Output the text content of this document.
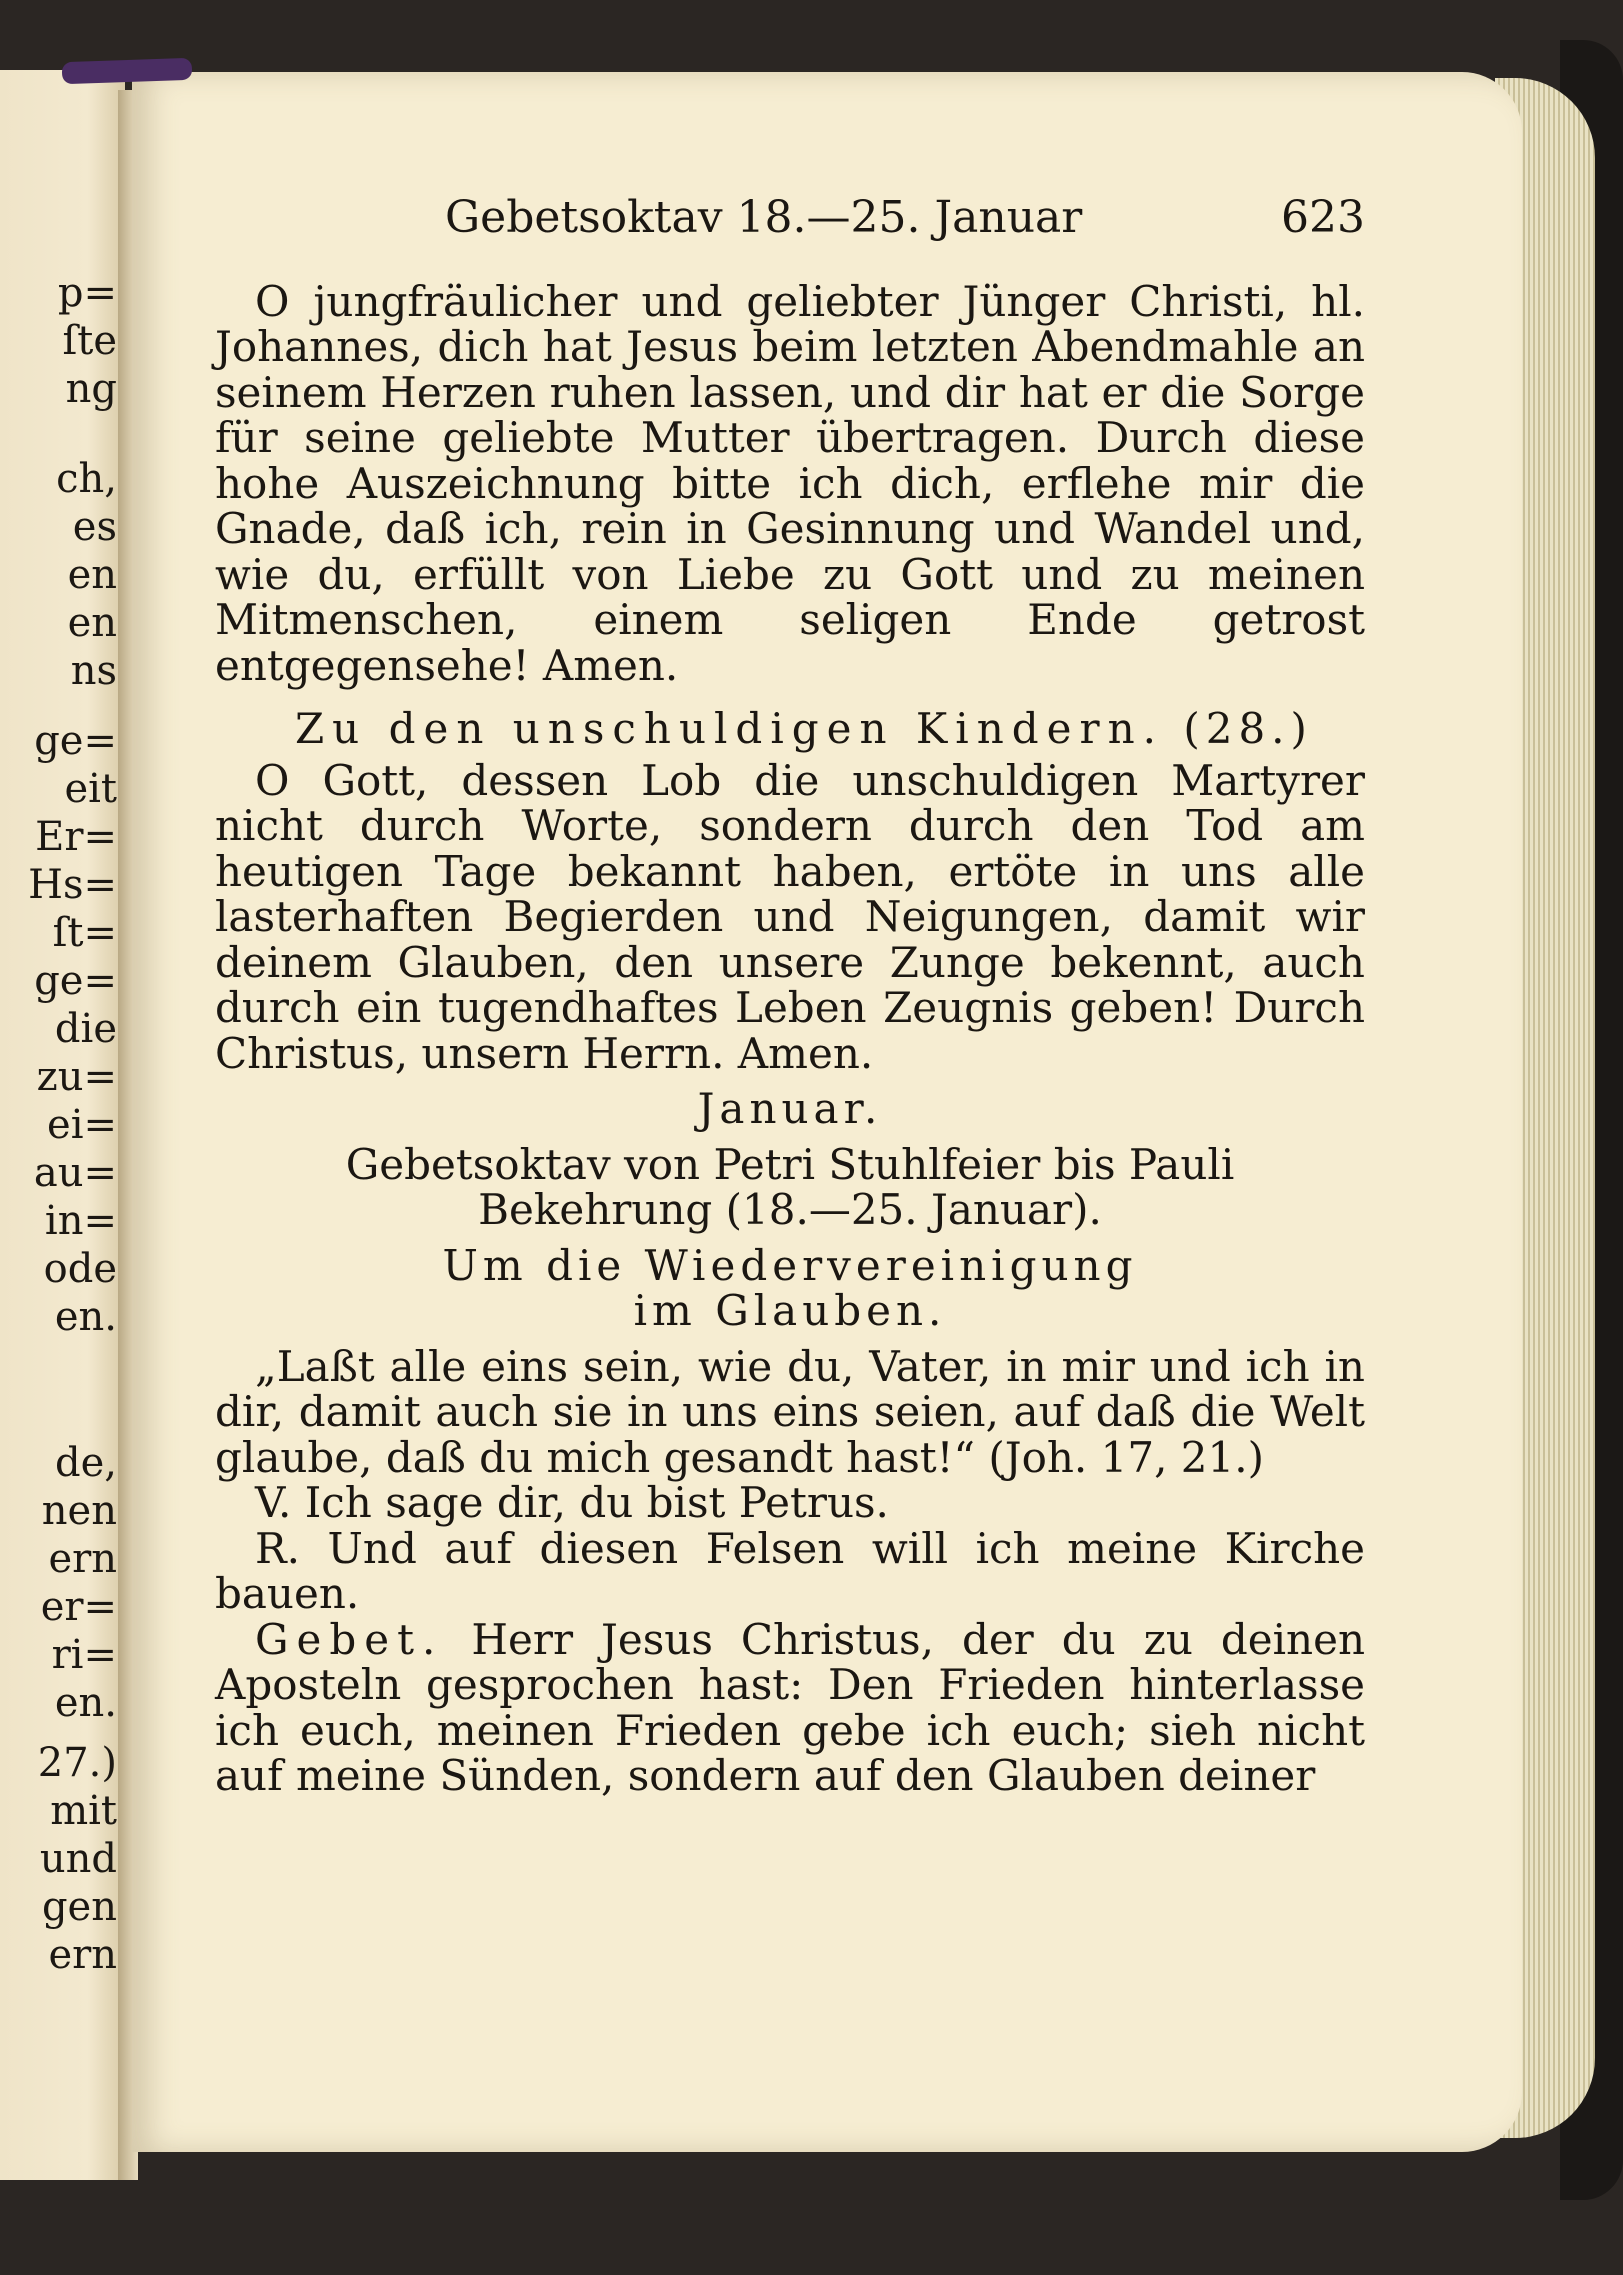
p=
ſte
ng
ch,
es
en
en
ns
ge=
eit
Er=
Hs=
ſt=
ge=
die
zu=
ei=
au=
in=
ode
en.
de,
nen
ern
er=
ri=
en.
27.)
mit
und
gen
ern
Gebetsoktav 18.—25. Januar	623

O jungfräulicher und geliebter Jünger Christi, hl. Johannes, dich hat Jesus beim letzten Abendmahle an seinem Herzen ruhen lassen, und dir hat er die Sorge für seine geliebte Mutter übertragen. Durch diese hohe Auszeichnung bitte ich dich, erflehe mir die Gnade, daß ich, rein in Gesinnung und Wandel und, wie du, erfüllt von Liebe zu Gott und zu meinen Mitmenschen, einem seligen Ende getrost entgegensehe! Amen.

Zu den unschuldigen Kindern. (28.)

O Gott, dessen Lob die unschuldigen Martyrer nicht durch Worte, sondern durch den Tod am heutigen Tage bekannt haben, ertöte in uns alle lasterhaften Begierden und Neigungen, damit wir deinem Glauben, den unsere Zunge bekennt, auch durch ein tugendhaftes Leben Zeugnis geben! Durch Christus, unsern Herrn. Amen.

Januar.

Gebetsoktav von Petri Stuhlfeier bis Pauli

Bekehrung (18.—25. Januar).

Um die Wiedervereinigung

im Glauben.

„Laßt alle eins sein, wie du, Vater, in mir und ich in dir, damit auch sie in uns eins seien, auf daß die Welt glaube, daß du mich gesandt hast!“ (Joh. 17, 21.)

V. Ich sage dir, du bist Petrus.

R. Und auf diesen Felsen will ich meine Kirche bauen.

Gebet. Herr Jesus Christus, der du zu deinen Aposteln gesprochen hast: Den Frieden hinterlasse ich euch, meinen Frieden gebe ich euch; sieh nicht auf meine Sünden, sondern auf den Glauben deiner
